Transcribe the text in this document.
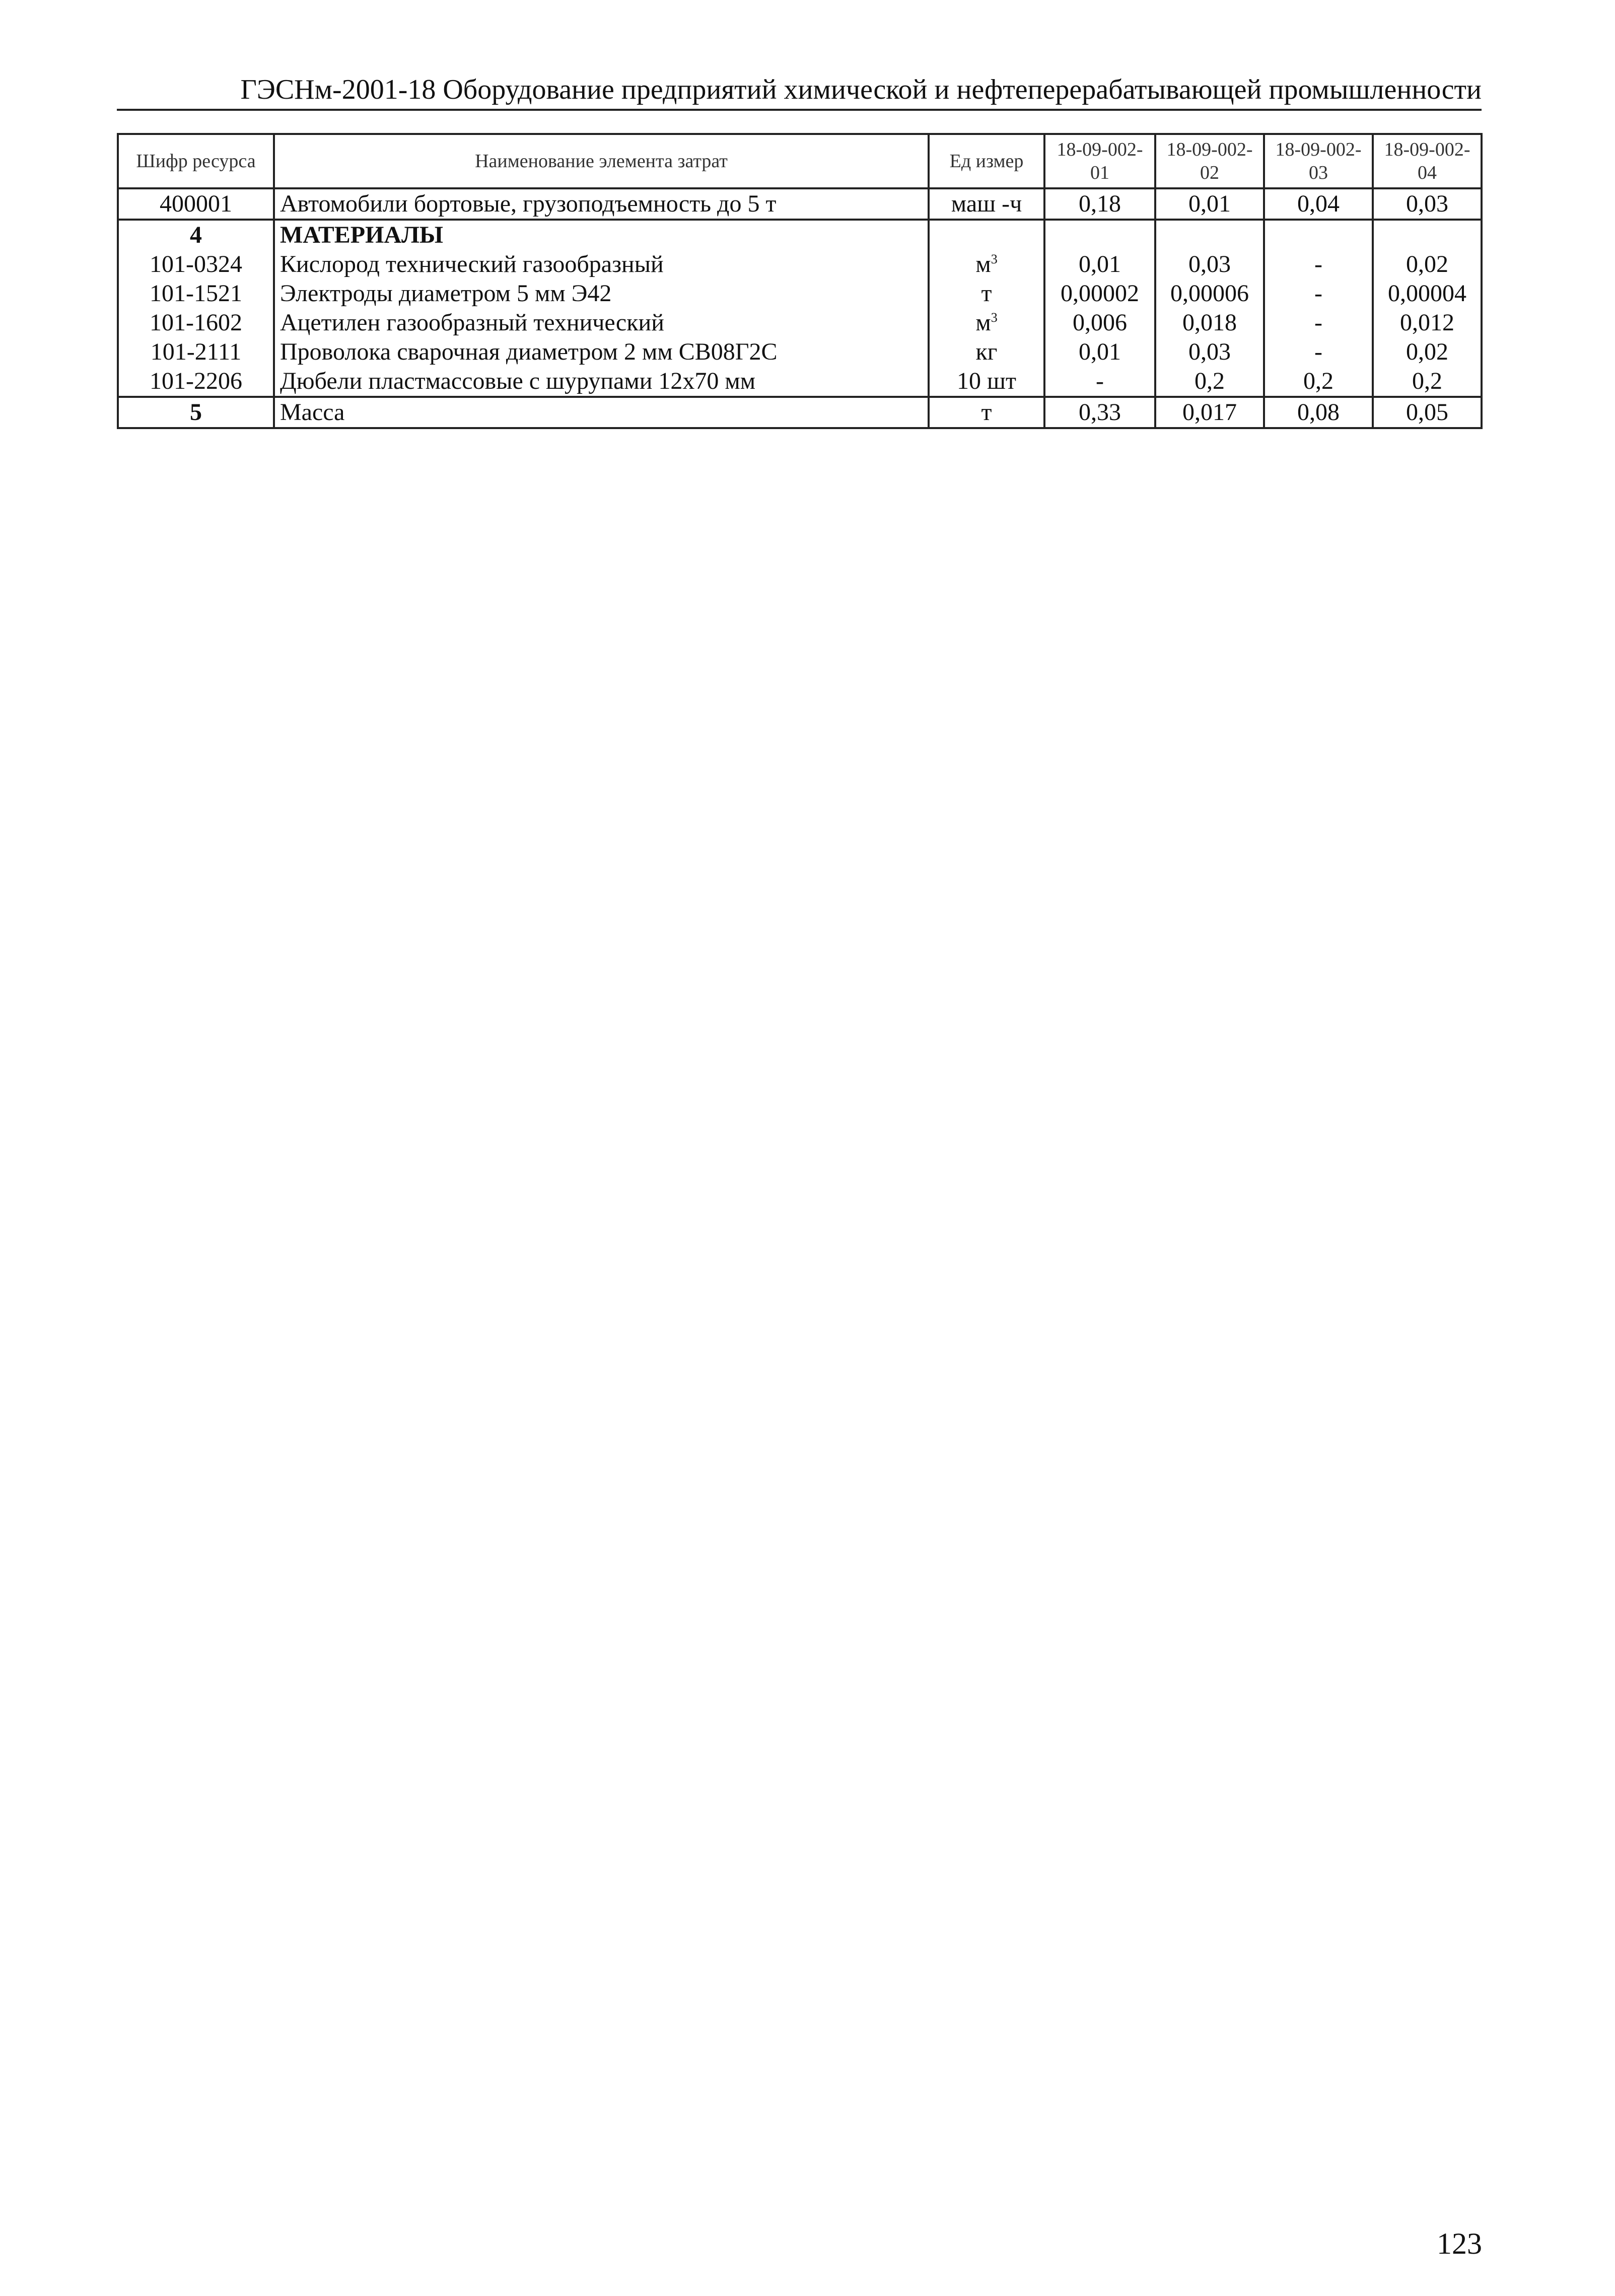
ГЭСНм-2001-18 Оборудование предприятий химической и нефтеперерабатывающей промышленности
Шифр ресурса	Наименование элемента затрат	Ед измер	18-09-002-01	18-09-002-02	18-09-002-03	18-09-002-04
400001	Автомобили бортовые, грузоподъемность до 5 т	маш -ч	0,18	0,01	0,04	0,03
4	МАТЕРИАЛЫ					
101-0324	Кислород технический газообразный	$м^3$	0,01	0,03	-	0,02
101-1521	Электроды диаметром 5 мм Э42	т	0,00002	0,00006	-	0,00004
101-1602	Ацетилен газообразный технический	$м^3$	0,006	0,018	-	0,012
101-2111	Проволока сварочная диаметром 2 мм СВ08Г2С	кг	0,01	0,03	-	0,02
101-2206	Дюбели пластмассовые с шурупами 12х70 мм	10 шт	-	0,2	0,2	0,2
5	Масса	т	0,33	0,017	0,08	0,05
123
